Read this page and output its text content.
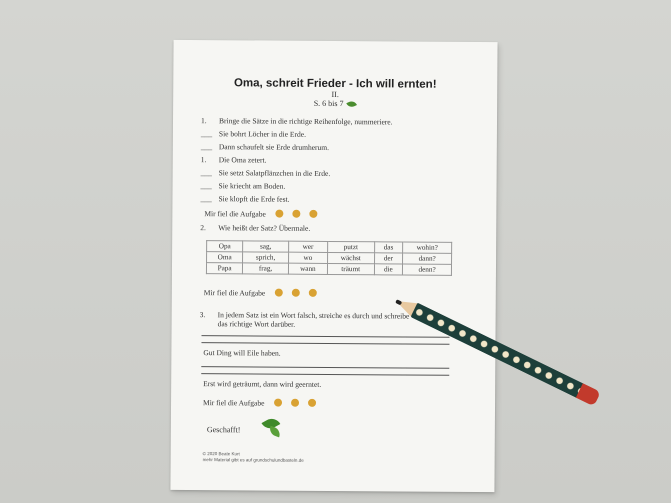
Oma, schreit Frieder - Ich will ernten!
II.
S. 6 bis 7
1. Bringe die Sätze in die richtige Reihenfolge, nummeriere.
___ Sie bohrt Löcher in die Erde.
___ Dann schaufelt sie Erde drumherum.
1. Die Oma zetert.
___ Sie setzt Salatpflänzchen in die Erde.
___ Sie kriecht am Boden.
___ Sie klopft die Erde fest.
Mir fiel die Aufgabe
2. Wie heißt der Satz? Übermale.
Opa	sag,	wer	putzt	das	wohin?
Oma	sprich,	wo	wächst	der	dann?
Papa	frag,	wann	träumt	die	denn?
Mir fiel die Aufgabe
3. In jedem Satz ist ein Wort falsch, streiche es durch und schreibe
das richtige Wort darüber.
Gut Ding will Eile haben.
Erst wird geträumt, dann wird geerntet.
Mir fiel die Aufgabe
Geschafft!
© 2020 Beate Kurt
mehr Material gibt es auf grundschulundbasteln.de
